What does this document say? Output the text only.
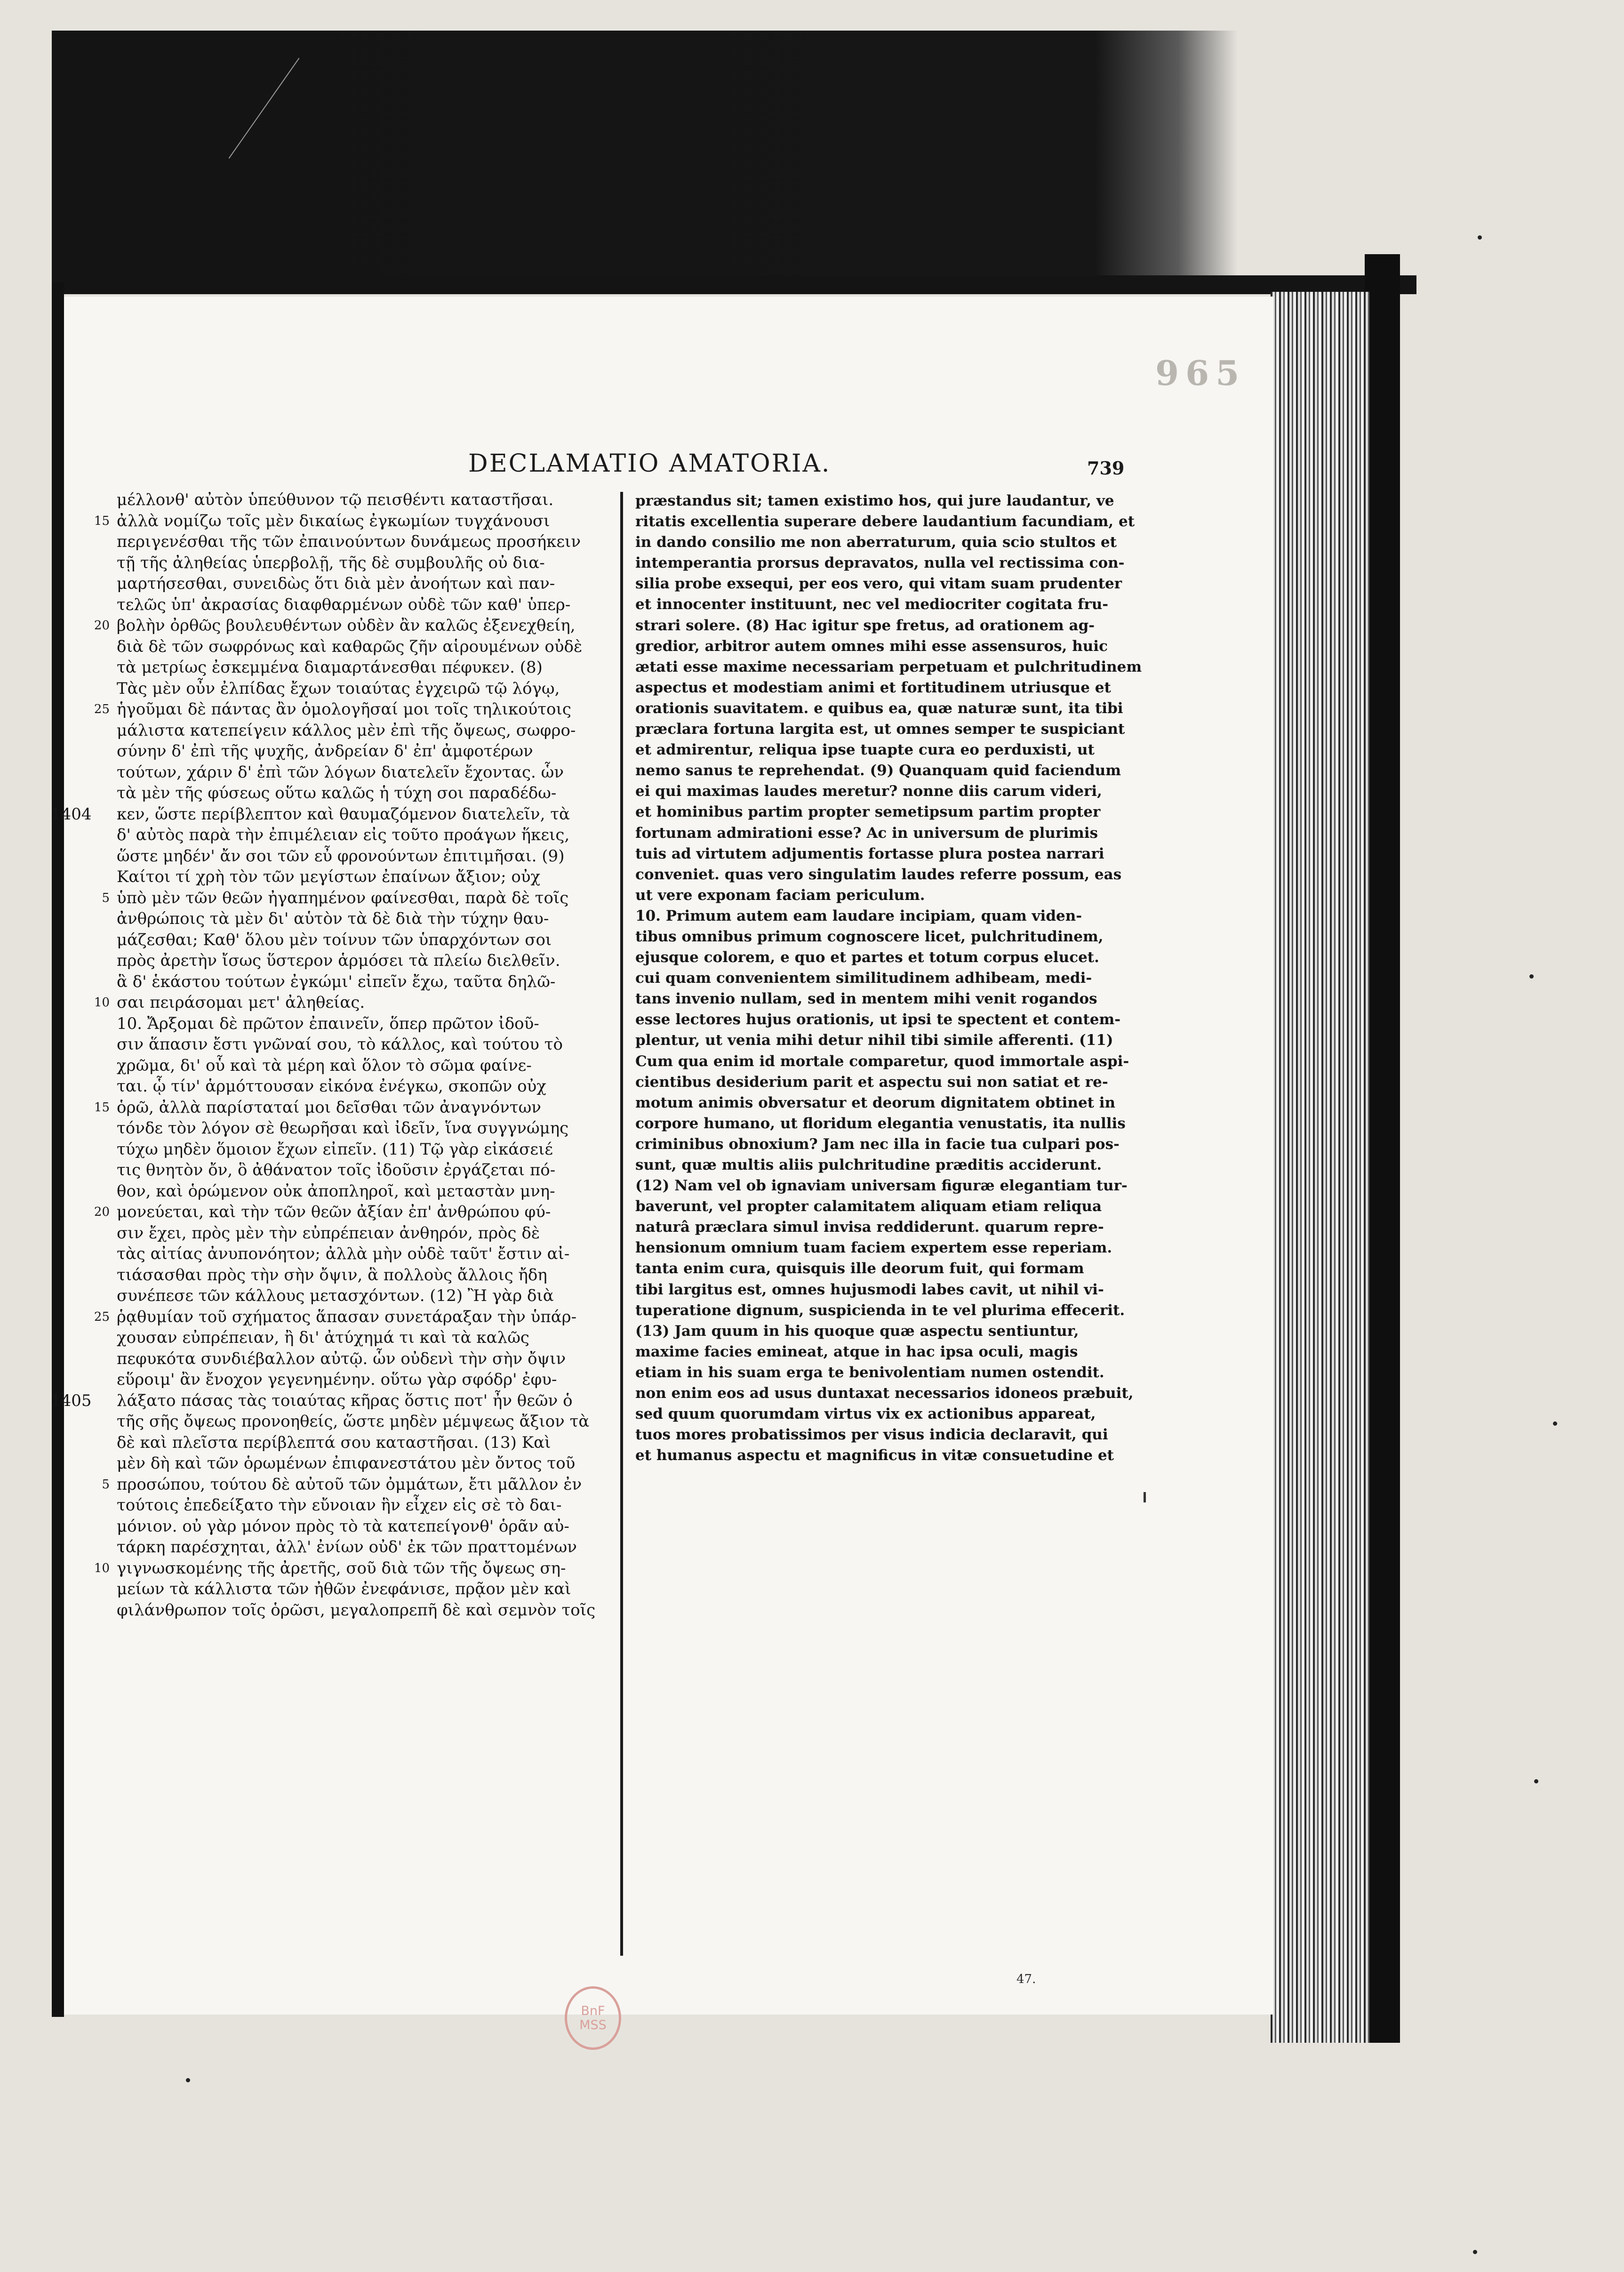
965
DECLAMATIO AMATORIA.	739
μέλλονθ' αὐτὸν ὑπεύθυνον τῷ πεισθέντι καταστῆσαι.
15 ἀλλὰ νομίζω τοῖς μὲν δικαίως ἐγκωμίων τυγχάνουσι
περιγενέσθαι τῆς τῶν ἐπαινούντων δυνάμεως προσήκειν
τῇ τῆς ἀληθείας ὑπερβολῇ, τῆς δὲ συμβουλῆς οὐ δια-
μαρτήσεσθαι, συνειδὼς ὅτι διὰ μὲν ἀνοήτων καὶ παν-
τελῶς ὑπ' ἀκρασίας διαφθαρμένων οὐδὲ τῶν καθ' ὑπερ-
20 βολὴν ὀρθῶς βουλευθέντων οὐδὲν ἂν καλῶς ἐξενεχθείη,
διὰ δὲ τῶν σωφρόνως καὶ καθαρῶς ζῆν αἱρουμένων οὐδὲ
τὰ μετρίως ἐσκεμμένα διαμαρτάνεσθαι πέφυκεν. (8)
Τὰς μὲν οὖν ἐλπίδας ἔχων τοιαύτας ἐγχειρῶ τῷ λόγῳ,
25 ἡγοῦμαι δὲ πάντας ἂν ὁμολογῆσαί μοι τοῖς τηλικούτοις
μάλιστα κατεπείγειν κάλλος μὲν ἐπὶ τῆς ὄψεως, σωφρο-
σύνην δ' ἐπὶ τῆς ψυχῆς, ἀνδρείαν δ' ἐπ' ἀμφοτέρων
τούτων, χάριν δ' ἐπὶ τῶν λόγων διατελεῖν ἔχοντας. ὧν
τὰ μὲν τῆς φύσεως οὕτω καλῶς ἡ τύχη σοι παραδέδω-
1404	κεν, ὥστε περίβλεπτον καὶ θαυμαζόμενον διατελεῖν, τὰ
δ' αὐτὸς παρὰ τὴν ἐπιμέλειαν εἰς τοῦτο προάγων ἥκεις,
ὥστε μηδέν' ἄν σοι τῶν εὖ φρονούντων ἐπιτιμῆσαι. (9)
Καίτοι τί χρὴ τὸν τῶν μεγίστων ἐπαίνων ἄξιον; οὐχ
5 ὑπὸ μὲν τῶν θεῶν ἠγαπημένον φαίνεσθαι, παρὰ δὲ τοῖς
ἀνθρώποις τὰ μὲν δι' αὑτὸν τὰ δὲ διὰ τὴν τύχην θαυ-
μάζεσθαι; Καθ' ὅλου μὲν τοίνυν τῶν ὑπαρχόντων σοι
πρὸς ἀρετὴν ἴσως ὕστερον ἁρμόσει τὰ πλείω διελθεῖν.
ἃ δ' ἑκάστου τούτων ἐγκώμι' εἰπεῖν ἔχω, ταῦτα δηλῶ-
10 σαι πειράσομαι μετ' ἀληθείας.
10. Ἄρξομαι δὲ πρῶτον ἐπαινεῖν, ὅπερ πρῶτον ἰδοῦ-
σιν ἅπασιν ἔστι γνῶναί σου, τὸ κάλλος, καὶ τούτου τὸ
χρῶμα, δι' οὗ καὶ τὰ μέρη καὶ ὅλον τὸ σῶμα φαίνε-
ται. ᾧ τίν' ἁρμόττουσαν εἰκόνα ἐνέγκω, σκοπῶν οὐχ
15 ὁρῶ, ἀλλὰ παρίσταταί μοι δεῖσθαι τῶν ἀναγνόντων
τόνδε τὸν λόγον σὲ θεωρῆσαι καὶ ἰδεῖν, ἵνα συγγνώμης
τύχω μηδὲν ὅμοιον ἔχων εἰπεῖν. (11) Τῷ γὰρ εἰκάσειέ
τις θνητὸν ὄν, ὃ ἀθάνατον τοῖς ἰδοῦσιν ἐργάζεται πό-
θον, καὶ ὁρώμενον οὐκ ἀποπληροῖ, καὶ μεταστὰν μνη-
20 μονεύεται, καὶ τὴν τῶν θεῶν ἀξίαν ἐπ' ἀνθρώπου φύ-
σιν ἔχει, πρὸς μὲν τὴν εὐπρέπειαν ἀνθηρόν, πρὸς δὲ
τὰς αἰτίας ἀνυπονόητον; ἀλλὰ μὴν οὐδὲ ταῦτ' ἔστιν αἰ-
τιάσασθαι πρὸς τὴν σὴν ὄψιν, ἃ πολλοὺς ἄλλοις ἤδη
συνέπεσε τῶν κάλλους μετασχόντων. (12) Ἢ γὰρ διὰ
25 ῥᾳθυμίαν τοῦ σχήματος ἅπασαν συνετάραξαν τὴν ὑπάρ-
χουσαν εὐπρέπειαν, ἢ δι' ἀτύχημά τι καὶ τὰ καλῶς
πεφυκότα συνδιέβαλλον αὐτῷ. ὧν οὐδενὶ τὴν σὴν ὄψιν
εὕροιμ' ἂν ἔνοχον γεγενημένην. οὕτω γὰρ σφόδρ' ἐφυ-
1405	λάξατο πάσας τὰς τοιαύτας κῆρας ὅστις ποτ' ἦν θεῶν ὁ
τῆς σῆς ὄψεως προνοηθείς, ὥστε μηδὲν μέμψεως ἄξιον τὰ
δὲ καὶ πλεῖστα περίβλεπτά σου καταστῆσαι. (13) Καὶ
μὲν δὴ καὶ τῶν ὁρωμένων ἐπιφανεστάτου μὲν ὄντος τοῦ
5 προσώπου, τούτου δὲ αὐτοῦ τῶν ὀμμάτων, ἔτι μᾶλλον ἐν
τούτοις ἐπεδείξατο τὴν εὔνοιαν ἣν εἶχεν εἰς σὲ τὸ δαι-
μόνιον. οὐ γὰρ μόνον πρὸς τὸ τὰ κατεπείγονθ' ὁρᾶν αὐ-
τάρκη παρέσχηται, ἀλλ' ἐνίων οὐδ' ἐκ τῶν πραττομένων
10 γιγνωσκομένης τῆς ἀρετῆς, σοῦ διὰ τῶν τῆς ὄψεως ση-
μείων τὰ κάλλιστα τῶν ἠθῶν ἐνεφάνισε, πρᾷον μὲν καὶ
φιλάνθρωπον τοῖς ὁρῶσι, μεγαλοπρεπῆ δὲ καὶ σεμνὸν τοῖς
præstandus sit; tamen existimo hos, qui jure laudantur, ve
ritatis excellentia superare debere laudantium facundiam, et
in dando consilio me non aberraturum, quia scio stultos et
intemperantia prorsus depravatos, nulla vel rectissima con-
silia probe exsequi, per eos vero, qui vitam suam prudenter
et innocenter instituunt, nec vel mediocriter cogitata fru-
strari solere. (8) Hac igitur spe fretus, ad orationem ag-
gredior, arbitror autem omnes mihi esse assensuros, huic
ætati esse maxime necessariam perpetuam et pulchritudinem
aspectus et modestiam animi et fortitudinem utriusque et
orationis suavitatem. e quibus ea, quæ naturæ sunt, ita tibi
præclara fortuna largita est, ut omnes semper te suspiciant
et admirentur, reliqua ipse tuapte cura eo perduxisti, ut
nemo sanus te reprehendat. (9) Quanquam quid faciendum
ei qui maximas laudes meretur? nonne diis carum videri,
et hominibus partim propter semetipsum partim propter
fortunam admirationi esse? Ac in universum de plurimis
tuis ad virtutem adjumentis fortasse plura postea narrari
conveniet. quas vero singulatim laudes referre possum, eas
ut vere exponam faciam periculum.
10. Primum autem eam laudare incipiam, quam viden-
tibus omnibus primum cognoscere licet, pulchritudinem,
ejusque colorem, e quo et partes et totum corpus elucet.
cui quam convenientem similitudinem adhibeam, medi-
tans invenio nullam, sed in mentem mihi venit rogandos
esse lectores hujus orationis, ut ipsi te spectent et contem-
plentur, ut venia mihi detur nihil tibi simile afferenti. (11)
Cum qua enim id mortale comparetur, quod immortale aspi-
cientibus desiderium parit et aspectu sui non satiat et re-
motum animis obversatur et deorum dignitatem obtinet in
corpore humano, ut floridum elegantia venustatis, ita nullis
criminibus obnoxium? Jam nec illa in facie tua culpari pos-
sunt, quæ multis aliis pulchritudine præditis acciderunt.
(12) Nam vel ob ignaviam universam figuræ elegantiam tur-
baverunt, vel propter calamitatem aliquam etiam reliqua
naturâ præclara simul invisa reddiderunt. quarum repre-
hensionum omnium tuam faciem expertem esse reperiam.
tanta enim cura, quisquis ille deorum fuit, qui formam
tibi largitus est, omnes hujusmodi labes cavit, ut nihil vi-
tuperatione dignum, suspicienda in te vel plurima effecerit.
(13) Jam quum in his quoque quæ aspectu sentiuntur,
maxime facies emineat, atque in hac ipsa oculi, magis
etiam in his suam erga te benivolentiam numen ostendit.
non enim eos ad usus duntaxat necessarios idoneos præbuit,
sed quum quorumdam virtus vix ex actionibus appareat,
tuos mores probatissimos per visus indicia declaravit, qui
et humanus aspectu et magnificus in vitæ consuetudine et
47.
BnF
MSS
